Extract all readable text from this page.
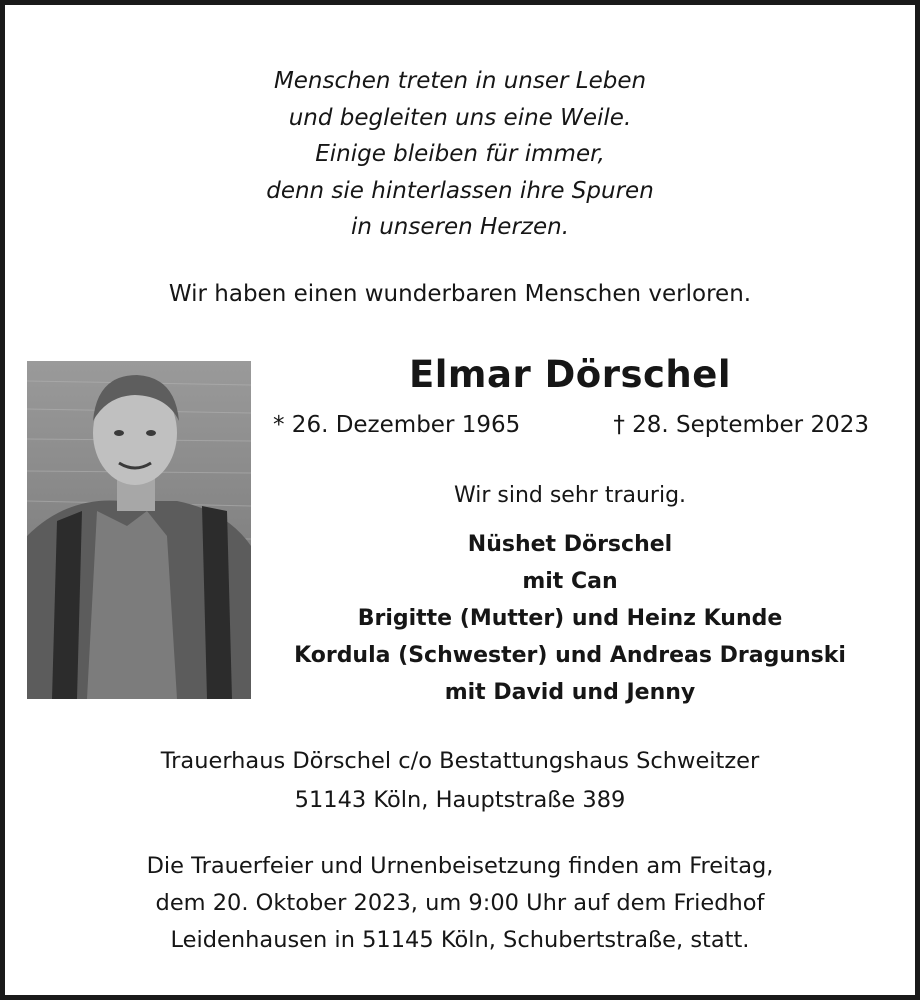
Menschen treten in unser Leben
und begleiten uns eine Weile.
Einige bleiben für immer,
denn sie hinterlassen ihre Spuren
in unseren Herzen.
Wir haben einen wunderbaren Menschen verloren.
Elmar Dörschel
* 26. Dezember 1965	† 28. September 2023
Wir sind sehr traurig.
Nüshet Dörschel
mit Can
Brigitte (Mutter) und Heinz Kunde
Kordula (Schwester) und Andreas Dragunski
mit David und Jenny
Trauerhaus Dörschel c/o Bestattungshaus Schweitzer
51143 Köln, Hauptstraße 389
Die Trauerfeier und Urnenbeisetzung finden am Freitag,
dem 20. Oktober 2023, um 9:00 Uhr auf dem Friedhof
Leidenhausen in 51145 Köln, Schubertstraße, statt.
